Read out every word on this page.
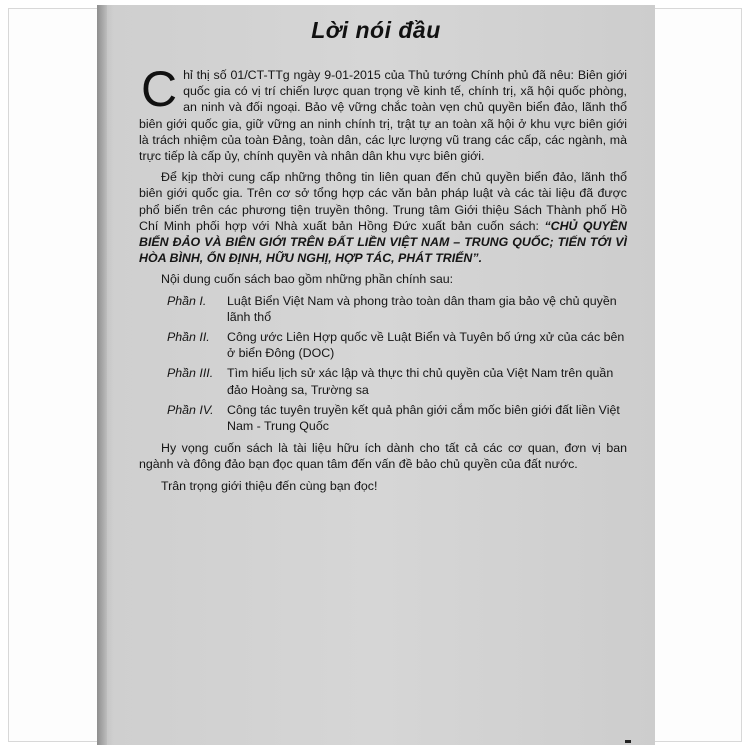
Lời nói đầu

Chỉ thị số 01/CT-TTg ngày 9-01-2015 của Thủ tướng Chính phủ đã nêu: Biên giới quốc gia có vị trí chiến lược quan trọng về kinh tế, chính trị, xã hội quốc phòng, an ninh và đối ngoại. Bảo vệ vững chắc toàn vẹn chủ quyền biển đảo, lãnh thổ biên giới quốc gia, giữ vững an ninh chính trị, trật tự an toàn xã hội ở khu vực biên giới là trách nhiệm của toàn Đảng, toàn dân, các lực lượng vũ trang các cấp, các ngành, mà trực tiếp là cấp ủy, chính quyền và nhân dân khu vực biên giới.

Để kịp thời cung cấp những thông tin liên quan đến chủ quyền biển đảo, lãnh thổ biên giới quốc gia. Trên cơ sở tổng hợp các văn bản pháp luật và các tài liệu đã được phổ biến trên các phương tiện truyền thông. Trung tâm Giới thiệu Sách Thành phố Hồ Chí Minh phối hợp với Nhà xuất bản Hồng Đức xuất bản cuốn sách: “CHỦ QUYỀN BIỂN ĐẢO VÀ BIÊN GIỚI TRÊN ĐẤT LIỀN VIỆT NAM – TRUNG QUỐC; TIẾN TỚI VÌ HÒA BÌNH, ỔN ĐỊNH, HỮU NGHỊ, HỢP TÁC, PHÁT TRIỂN”.

Nội dung cuốn sách bao gồm những phần chính sau:

Phần I.	Luật Biển Việt Nam và phong trào toàn dân tham gia bảo vệ chủ quyền lãnh thổ
Phần II.	Công ước Liên Hợp quốc về Luật Biển và Tuyên bố ứng xử của các bên ở biển Đông (DOC)
Phần III.	Tìm hiểu lịch sử xác lập và thực thi chủ quyền của Việt Nam trên quần đảo Hoàng sa, Trường sa
Phần IV.	Công tác tuyên truyền kết quả phân giới cắm mốc biên giới đất liền Việt Nam - Trung Quốc

Hy vọng cuốn sách là tài liệu hữu ích dành cho tất cả các cơ quan, đơn vị ban ngành và đông đảo bạn đọc quan tâm đến vấn đề bảo chủ quyền của đất nước.

Trân trọng giới thiệu đến cùng bạn đọc!
